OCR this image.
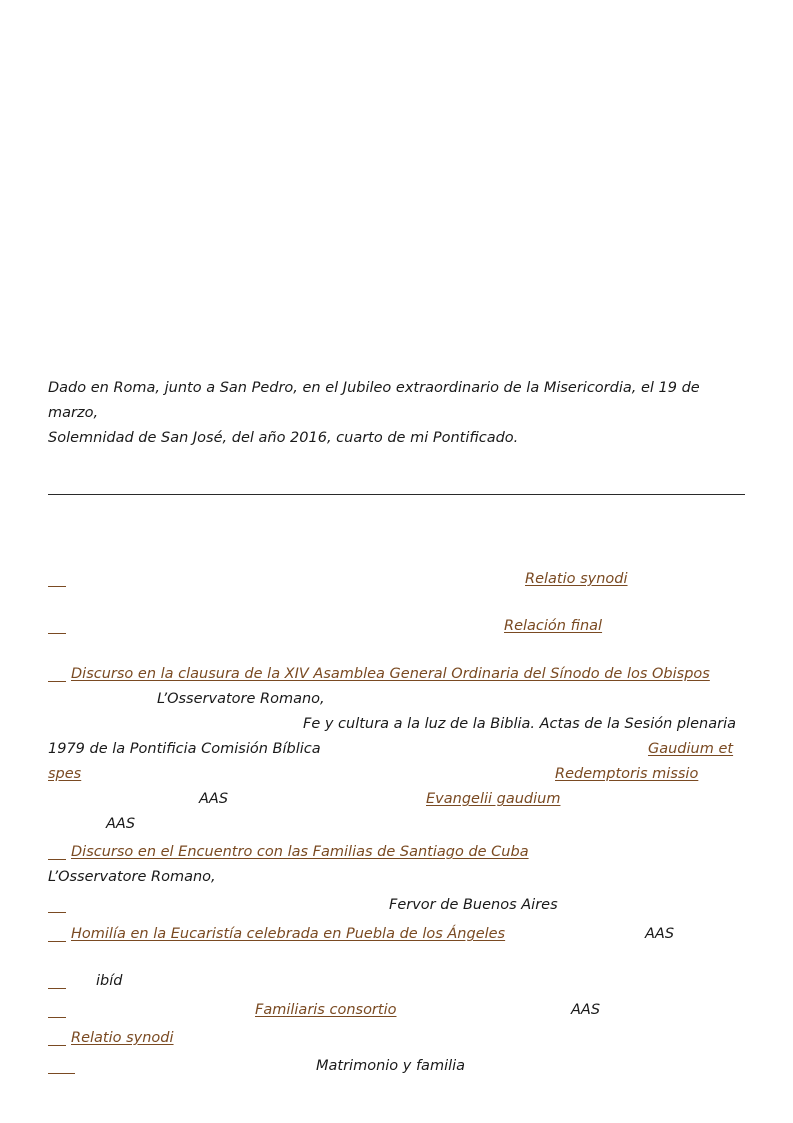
Dado en Roma, junto a San Pedro, en el Jubileo extraordinario de la Misericordia, el 19 de marzo,
Solemnidad de San José, del año 2016, cuarto de mi Pontificado.
Relatio synodi
Relación final
Discurso en la clausura de la XIV Asamblea General Ordinaria del Sínodo de los Obispos
L’Osservatore Romano,
Fe y cultura a la luz de la Biblia. Actas de la Sesión plenaria
1979 de la Pontificia Comisión Bíblica	Gaudium et
spes	Redemptoris missio
AAS	Evangelii gaudium
AAS
Discurso en el Encuentro con las Familias de Santiago de Cuba
L’Osservatore Romano,
Fervor de Buenos Aires
Homilía en la Eucaristía celebrada en Puebla de los Ángeles	AAS
ibíd
Familiaris consortio	AAS
Relatio synodi
Matrimonio y familia
